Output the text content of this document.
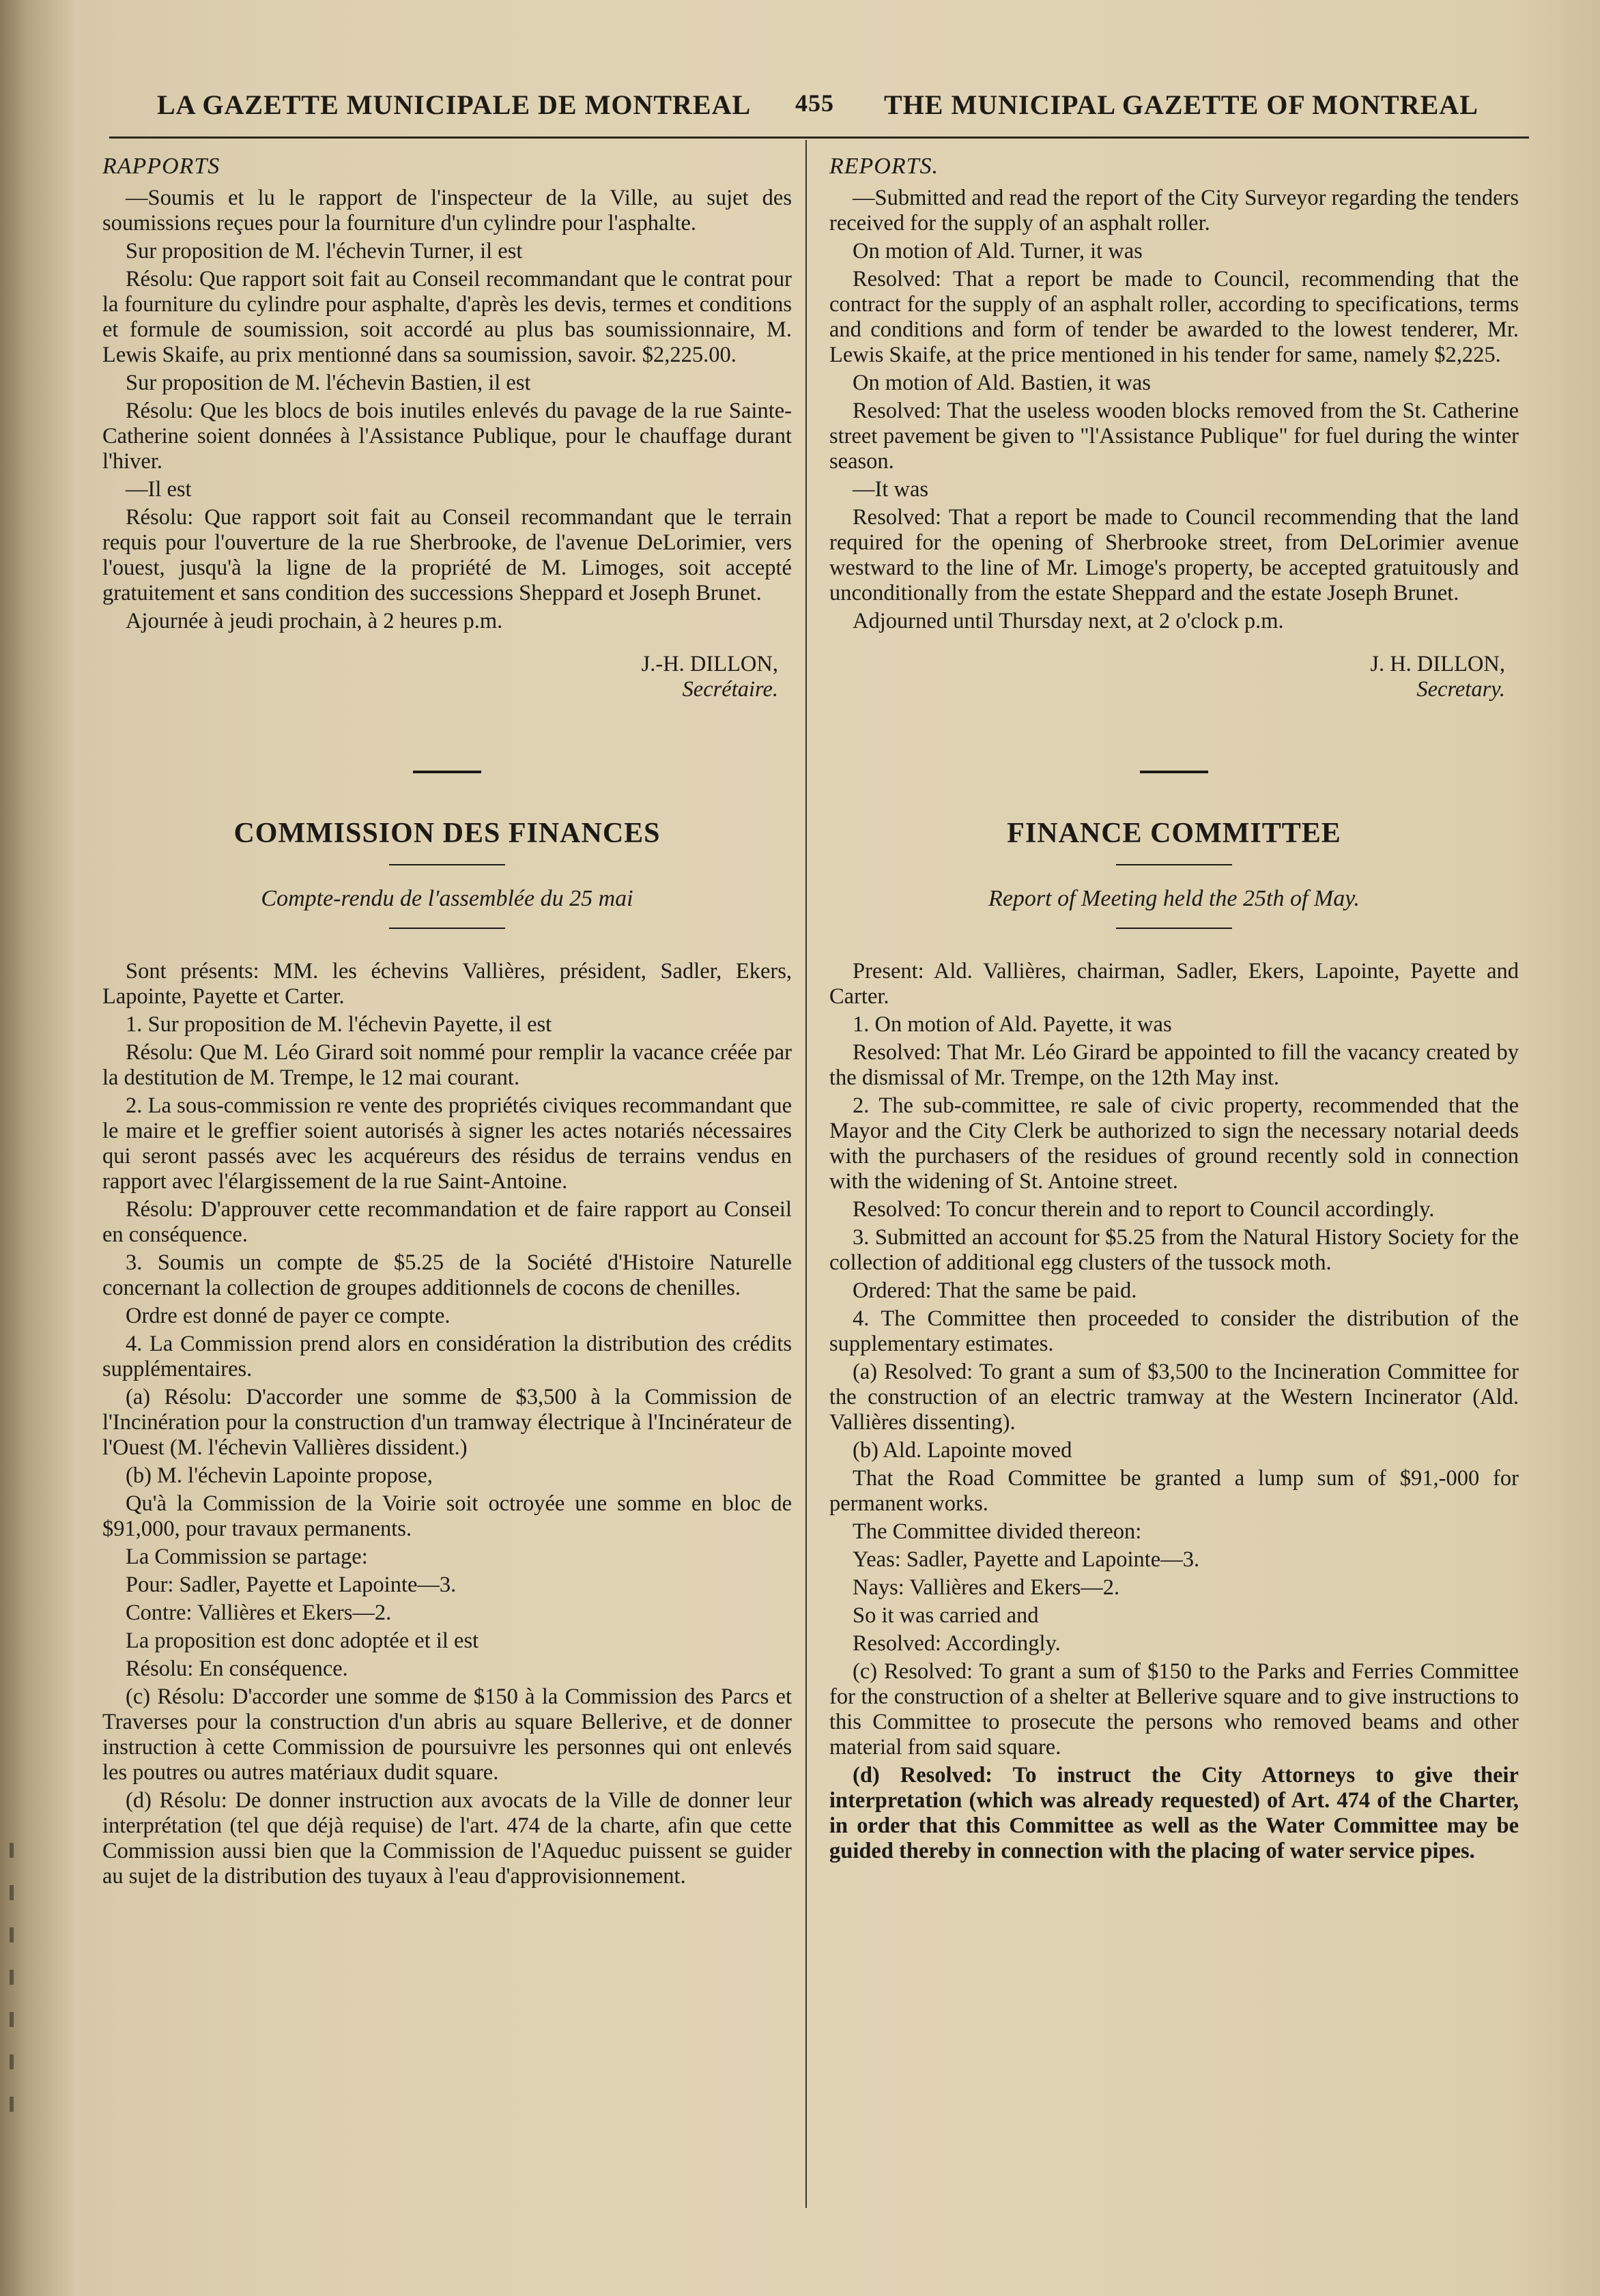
LA GAZETTE MUNICIPALE DE MONTREAL 455 THE MUNICIPAL GAZETTE OF MONTREAL
RAPPORTS

—Soumis et lu le rapport de l'inspecteur de la Ville, au sujet des soumissions reçues pour la fourniture d'un cylindre pour l'asphalte.

Sur proposition de M. l'échevin Turner, il est

Résolu: Que rapport soit fait au Conseil recommandant que le contrat pour la fourniture du cylindre pour asphalte, d'après les devis, termes et conditions et formule de soumission, soit accordé au plus bas soumissionnaire, M. Lewis Skaife, au prix mentionné dans sa soumission, savoir. $2,225.00.

Sur proposition de M. l'échevin Bastien, il est

Résolu: Que les blocs de bois inutiles enlevés du pavage de la rue Sainte-Catherine soient données à l'Assistance Publique, pour le chauffage durant l'hiver.

—Il est

Résolu: Que rapport soit fait au Conseil recommandant que le terrain requis pour l'ouverture de la rue Sherbrooke, de l'avenue DeLorimier, vers l'ouest, jusqu'à la ligne de la propriété de M. Limoges, soit accepté gratuitement et sans condition des successions Sheppard et Joseph Brunet.

Ajournée à jeudi prochain, à 2 heures p.m.

J.-H. DILLON,
Secrétaire.
COMMISSION DES FINANCES
Compte-rendu de l'assemblée du 25 mai

Sont présents: MM. les échevins Vallières, président, Sadler, Ekers, Lapointe, Payette et Carter.

1. Sur proposition de M. l'échevin Payette, il est

Résolu: Que M. Léo Girard soit nommé pour remplir la vacance créée par la destitution de M. Trempe, le 12 mai courant.

2. La sous-commission re vente des propriétés civiques recommandant que le maire et le greffier soient autorisés à signer les actes notariés nécessaires qui seront passés avec les acquéreurs des résidus de terrains vendus en rapport avec l'élargissement de la rue Saint-Antoine.

Résolu: D'approuver cette recommandation et de faire rapport au Conseil en conséquence.

3. Soumis un compte de $5.25 de la Société d'Histoire Naturelle concernant la collection de groupes additionnels de cocons de chenilles.

Ordre est donné de payer ce compte.

4. La Commission prend alors en considération la distribution des crédits supplémentaires.

(a) Résolu: D'accorder une somme de $3,500 à la Commission de l'Incinération pour la construction d'un tramway électrique à l'Incinérateur de l'Ouest (M. l'échevin Vallières dissident.)

(b) M. l'échevin Lapointe propose,

Qu'à la Commission de la Voirie soit octroyée une somme en bloc de $91,000, pour travaux permanents.

La Commission se partage:

Pour: Sadler, Payette et Lapointe—3.

Contre: Vallières et Ekers—2.

La proposition est donc adoptée et il est

Résolu: En conséquence.

(c) Résolu: D'accorder une somme de $150 à la Commission des Parcs et Traverses pour la construction d'un abris au square Bellerive, et de donner instruction à cette Commission de poursuivre les personnes qui ont enlevés les poutres ou autres matériaux dudit square.

(d) Résolu: De donner instruction aux avocats de la Ville de donner leur interprétation (tel que déjà requise) de l'art. 474 de la charte, afin que cette Commission aussi bien que la Commission de l'Aqueduc puissent se guider au sujet de la distribution des tuyaux à l'eau d'approvisionnement.

REPORTS.

—Submitted and read the report of the City Surveyor regarding the tenders received for the supply of an asphalt roller.

On motion of Ald. Turner, it was

Resolved: That a report be made to Council, recommending that the contract for the supply of an asphalt roller, according to specifications, terms and conditions and form of tender be awarded to the lowest tenderer, Mr. Lewis Skaife, at the price mentioned in his tender for same, namely $2,225.

On motion of Ald. Bastien, it was

Resolved: That the useless wooden blocks removed from the St. Catherine street pavement be given to "l'Assistance Publique" for fuel during the winter season.

—It was

Resolved: That a report be made to Council recommending that the land required for the opening of Sherbrooke street, from DeLorimier avenue westward to the line of Mr. Limoge's property, be accepted gratuitously and unconditionally from the estate Sheppard and the estate Joseph Brunet.

Adjourned until Thursday next, at 2 o'clock p.m.

J. H. DILLON,
Secretary.
FINANCE COMMITTEE
Report of Meeting held the 25th of May.

Present: Ald. Vallières, chairman, Sadler, Ekers, Lapointe, Payette and Carter.

1. On motion of Ald. Payette, it was

Resolved: That Mr. Léo Girard be appointed to fill the vacancy created by the dismissal of Mr. Trempe, on the 12th May inst.

2. The sub-committee, re sale of civic property, recommended that the Mayor and the City Clerk be authorized to sign the necessary notarial deeds with the purchasers of the residues of ground recently sold in connection with the widening of St. Antoine street.

Resolved: To concur therein and to report to Council accordingly.

3. Submitted an account for $5.25 from the Natural History Society for the collection of additional egg clusters of the tussock moth.

Ordered: That the same be paid.

4. The Committee then proceeded to consider the distribution of the supplementary estimates.

(a) Resolved: To grant a sum of $3,500 to the Incineration Committee for the construction of an electric tramway at the Western Incinerator (Ald. Vallières dissenting).

(b) Ald. Lapointe moved

That the Road Committee be granted a lump sum of $91,-000 for permanent works.

The Committee divided thereon:

Yeas: Sadler, Payette and Lapointe—3.

Nays: Vallières and Ekers—2.

So it was carried and

Resolved: Accordingly.

(c) Resolved: To grant a sum of $150 to the Parks and Ferries Committee for the construction of a shelter at Bellerive square and to give instructions to this Committee to prosecute the persons who removed beams and other material from said square.

(d) Resolved: To instruct the City Attorneys to give their interpretation (which was already requested) of Art. 474 of the Charter, in order that this Committee as well as the Water Committee may be guided thereby in connection with the placing of water service pipes.
